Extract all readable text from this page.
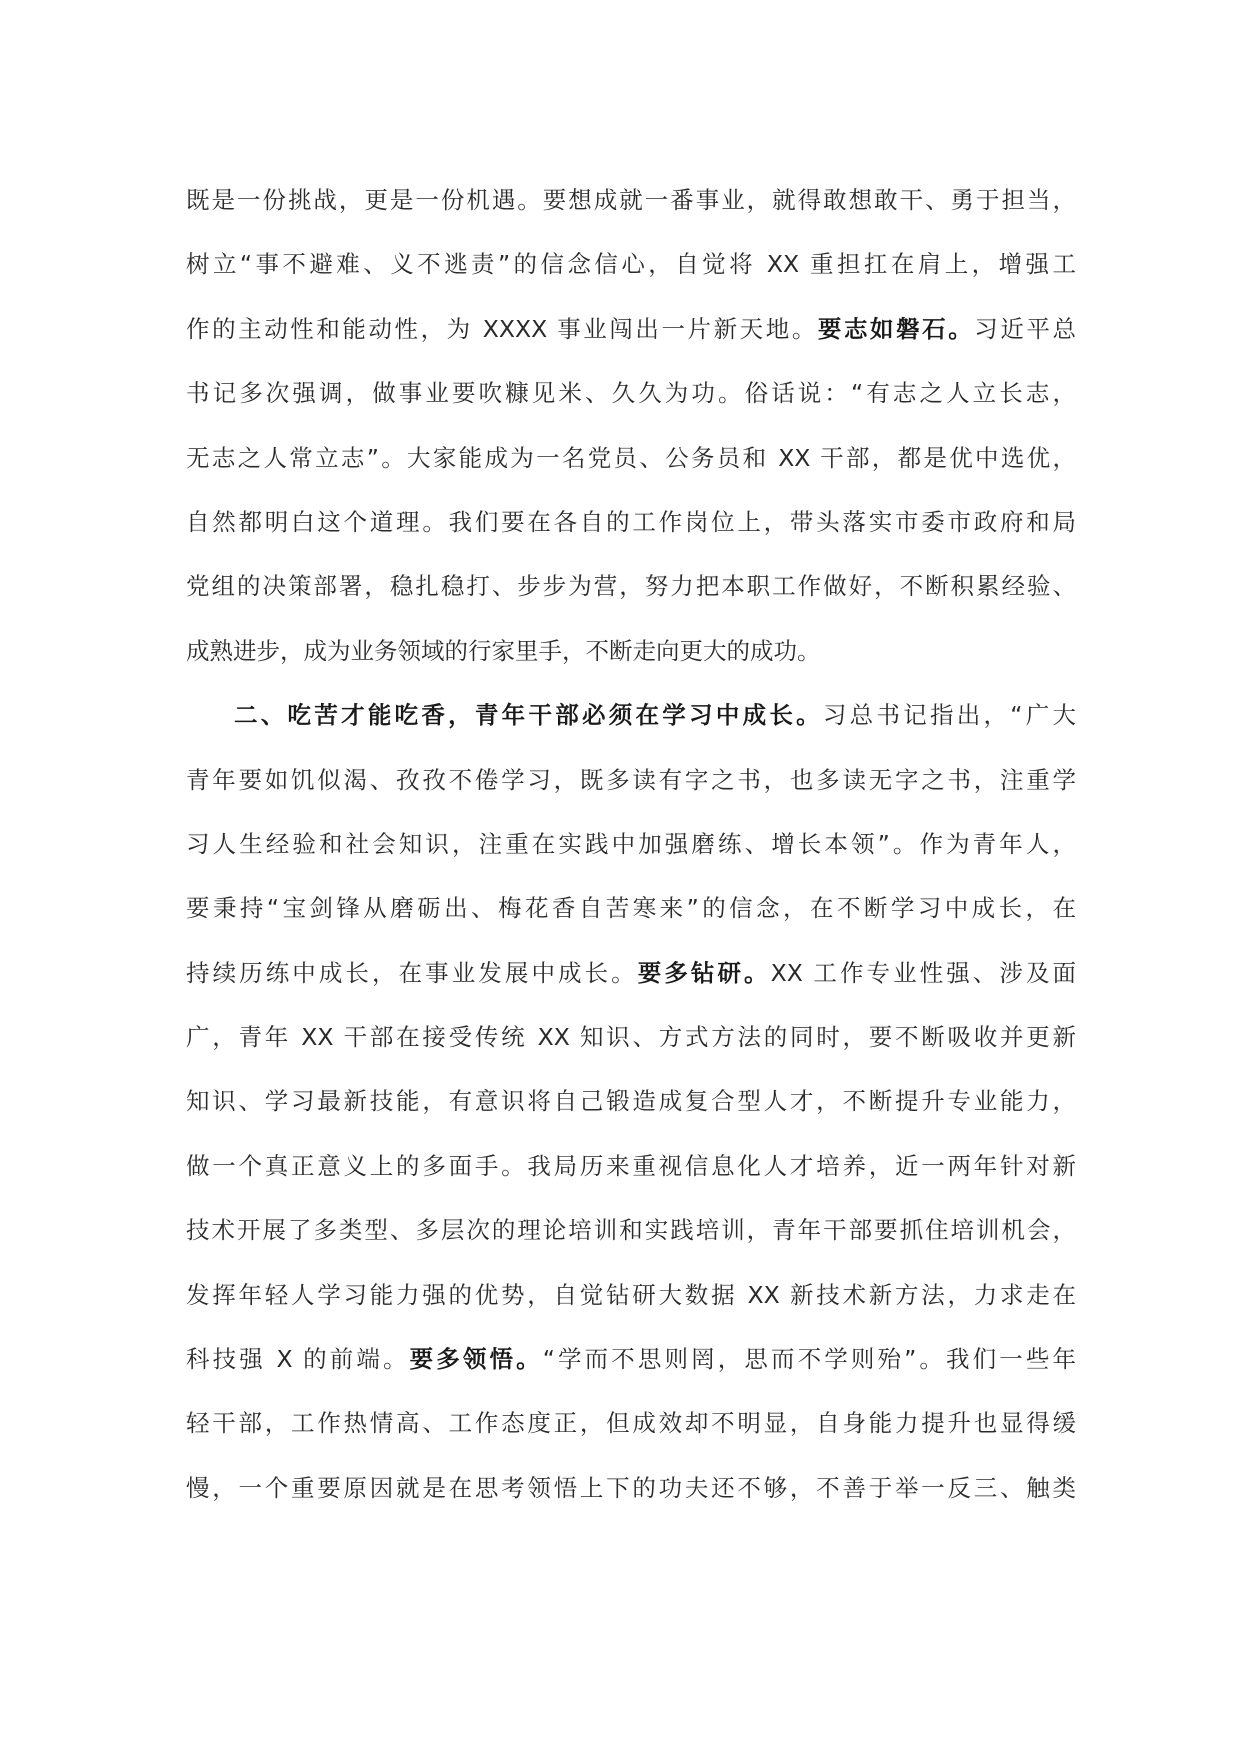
既是一份挑战，更是一份机遇。要想成就一番事业，就得敢想敢干、勇于担当，
树立“事不避难、义不逃责”的信念信心，自觉将 XX 重担扛在肩上，增强工
作的主动性和能动性，为 XXXX 事业闯出一片新天地。要志如磐石。习近平总
书记多次强调，做事业要吹糠见米、久久为功。俗话说：“有志之人立长志，
无志之人常立志”。大家能成为一名党员、公务员和 XX 干部，都是优中选优，
自然都明白这个道理。我们要在各自的工作岗位上，带头落实市委市政府和局
党组的决策部署，稳扎稳打、步步为营，努力把本职工作做好，不断积累经验、
成熟进步，成为业务领域的行家里手，不断走向更大的成功。
二、吃苦才能吃香，青年干部必须在学习中成长。习总书记指出，“广大
青年要如饥似渴、孜孜不倦学习，既多读有字之书，也多读无字之书，注重学
习人生经验和社会知识，注重在实践中加强磨练、增长本领”。作为青年人，
要秉持“宝剑锋从磨砺出、梅花香自苦寒来”的信念，在不断学习中成长，在
持续历练中成长，在事业发展中成长。要多钻研。XX 工作专业性强、涉及面
广，青年 XX 干部在接受传统 XX 知识、方式方法的同时，要不断吸收并更新
知识、学习最新技能，有意识将自己锻造成复合型人才，不断提升专业能力，
做一个真正意义上的多面手。我局历来重视信息化人才培养，近一两年针对新
技术开展了多类型、多层次的理论培训和实践培训，青年干部要抓住培训机会，
发挥年轻人学习能力强的优势，自觉钻研大数据 XX 新技术新方法，力求走在
科技强 X 的前端。要多领悟。“学而不思则罔，思而不学则殆”。我们一些年
轻干部，工作热情高、工作态度正，但成效却不明显，自身能力提升也显得缓
慢，一个重要原因就是在思考领悟上下的功夫还不够，不善于举一反三、触类
